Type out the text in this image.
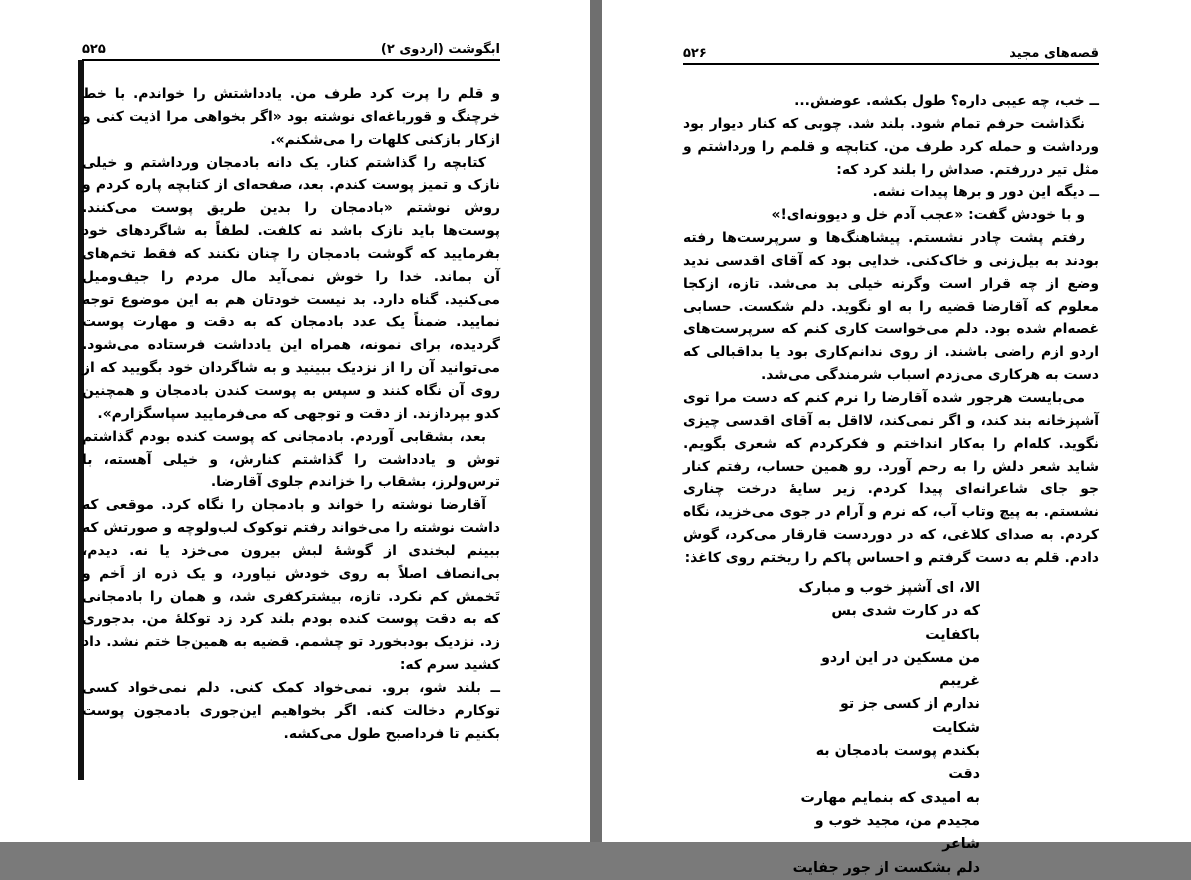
ابگوشت (اردوی ۲)
۵۲۵

و قلم را پرت کرد طرف من. یادداشتش را خواندم. با خط خرچنگ و قورباغه‌ای نوشته بود «اگر بخواهی مرا اذیت کنی و ازکار بازکنی کلهات را می‌شکنم».

کتابچه را گذاشتم کنار. یک دانه بادمجان ورداشتم و خیلی نازک و تمیز پوست کندم. بعد، صفحه‌ای از کتابچه پاره کردم و روش نوشتم «بادمجان را بدین طریق پوست می‌کنند. پوست‌ها باید نازک باشد نه کلفت. لطفاً به شاگردهای خود بفرمایید که گوشت بادمجان را چنان نکنند که فقط تخم‌های آن بماند. خدا را خوش نمی‌آید مال مردم را جیف‌ومیل می‌کنید. گناه دارد. بد نیست خودتان هم به این موضوع توجه نمایید. ضمناً یک عدد بادمجان که به دقت و مهارت پوست گردیده، برای نمونه، همراه این یادداشت فرستاده می‌شود. می‌توانید آن را از نزدیک ببینید و به شاگردان خود بگویید که از روی آن نگاه کنند و سپس به پوست کندن بادمجان و همچنین کدو بپردازند. از دقت و توجهی که می‌فرمایید سپاسگزارم».

بعد، بشقابی آوردم. بادمجانی که پوست کنده بودم گذاشتم توش و یادداشت را گذاشتم کنارش، و خیلی آهسته، با ترس‌ولرز، بشقاب را خزاندم جلوی آقارضا.

آقارضا نوشته را خواند و بادمجان را نگاه کرد. موقعی که داشت نوشته را می‌خواند رفتم توکوک لب‌ولوچه و صورتش که ببینم لبخندی از گوشهٔ لبش بیرون می‌خزد یا نه. دیدم، بی‌انصاف اصلاً به روی خودش نیاورد، و یک ذره از اَخم و تَخمش کم نکرد. تازه، بیشترکفری شد، و همان را بادمجانی که به دقت پوست کنده بودم بلند کرد زد توکلهٔ من. بدجوری زد. نزدیک بودبخورد تو چشمم. قضیه به همین‌جا ختم نشد. داد کشید سرم که:

ــ بلند شو، برو. نمی‌خواد کمک کنی. دلم نمی‌خواد کسی توکارم دخالت کنه. اگر بخواهیم این‌جوری بادمجون پوست بکنیم تا فرداصبح طول می‌کشه.

قصه‌های مجید
۵۲۶

ــ خب، چه عیبی داره؟ طول بکشه. عوضش...

نگذاشت حرفم تمام شود. بلند شد. چوبی که کنار دیوار بود ورداشت و حمله کرد طرف من. کتابچه و قلمم را ورداشتم و مثل تیر دررفتم. صداش را بلند کرد که:

ــ دیگه این دور و برها پیدات نشه.

و با خودش گفت: «عجب آدم خل و دیوونه‌ای!»

رفتم پشت چادر نشستم. پیشاهنگ‌ها و سرپرست‌ها رفته بودند به بیل‌زنی و خاک‌کنی. خدایی بود که آقای اقدسی ندید وضع از چه قرار است وگرنه خیلی بد می‌شد. تازه، ازکجا معلوم که آقارضا قضیه را به او نگوید. دلم شکست. حسابی غصه‌ام شده بود. دلم می‌خواست کاری کنم که سرپرست‌های اردو ازم راضی باشند. از روی ندانم‌کاری بود یا بداقبالی که دست به هرکاری می‌زدم اسباب شرمندگی می‌شد.

می‌بایست هرجور شده آقارضا را نرم کنم که دست مرا توی آشپزخانه بند کند، و اگر نمی‌کند، لااقل به آقای اقدسی چیزی نگوید. کله‌ام را به‌کار انداختم و فکرکردم که شعری بگویم. شاید شعر دلش را به رحم آورد. رو همین حساب، رفتم کنار جو جای شاعرانه‌ای پیدا کردم. زیر سایهٔ درخت چناری نشستم. به پیچ وتاب آب، که نرم و آرام در جوی می‌خزید، نگاه کردم. به صدای کلاغی، که در دوردست قارقار می‌کرد، گوش دادم. قلم به دست گرفتم و احساس پاکم را ریختم روی کاغذ:

الا، ای آشپز خوب و مبارک
که در کارت شدی بس باکفایت
من مسکین در این اردو غریبم
ندارم از کسی جز تو شکایت
بکندم پوست بادمجان به دقت
به امیدی که بنمایم مهارت
مجیدم من، مجید خوب و شاعر
دلم بشکست از جور جفایت
